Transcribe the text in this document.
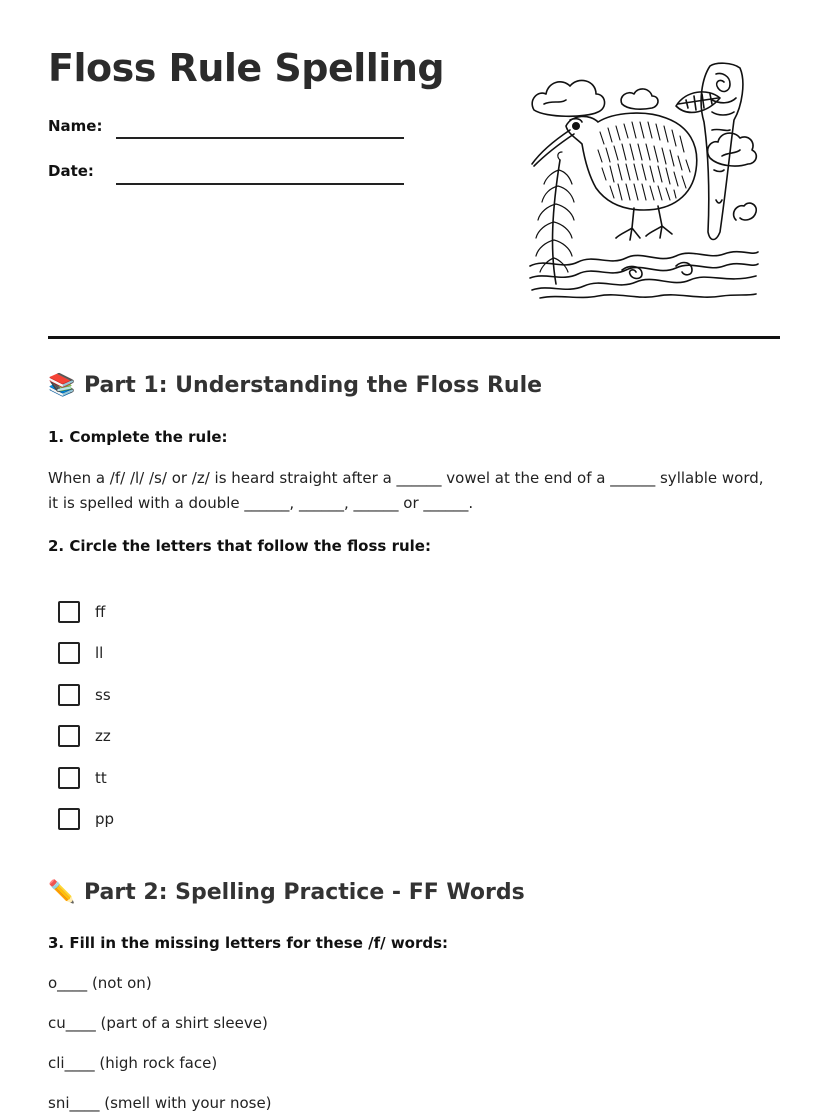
Floss Rule Spelling
Name:
Date:
📚 Part 1: Understanding the Floss Rule
1. Complete the rule:

When a /f/ /l/ /s/ or /z/ is heard straight after a ______ vowel at the end of a ______ syllable word, it is spelled with a double ______, ______, ______ or ______.

2. Circle the letters that follow the floss rule:
ff
ll
ss
zz
tt
pp
✏️ Part 2: Spelling Practice - FF Words
3. Fill in the missing letters for these /f/ words:
o____ (not on)
cu____ (part of a shirt sleeve)
cli____ (high rock face)
sni____ (smell with your nose)
